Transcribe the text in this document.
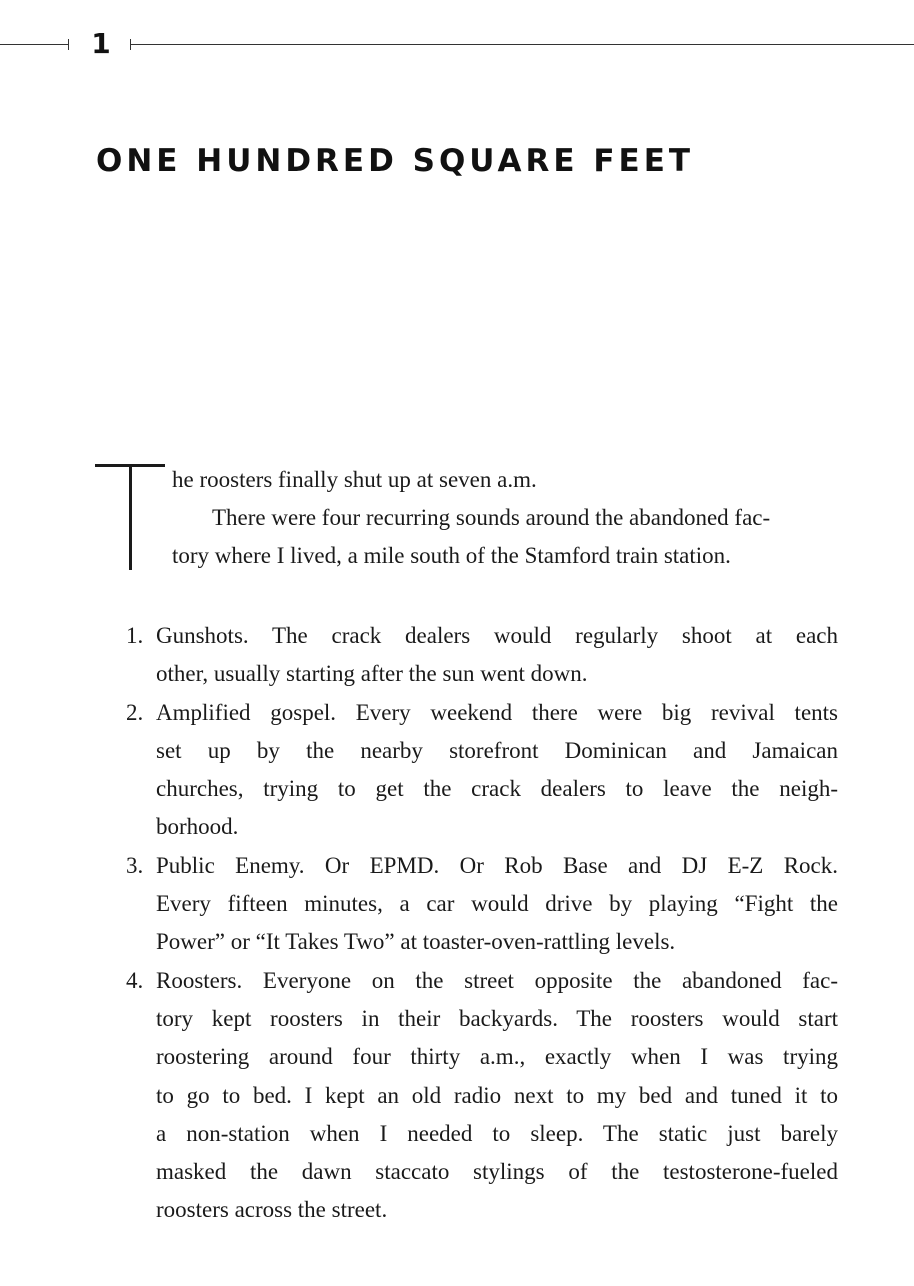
1
ONE HUNDRED SQUARE FEET

he roosters finally shut up at seven a.m.

There were four recurring sounds around the abandoned fac-

tory where I lived, a mile south of the Stamford train station.

1. Gunshots. The crack dealers would regularly shoot at each
other, usually starting after the sun went down.
2. Amplified gospel. Every weekend there were big revival tents
set up by the nearby storefront Dominican and Jamaican
churches, trying to get the crack dealers to leave the neigh-
borhood.
3. Public Enemy. Or EPMD. Or Rob Base and DJ E-Z Rock.
Every fifteen minutes, a car would drive by playing “Fight the
Power” or “It Takes Two” at toaster-oven-rattling levels.
4. Roosters. Everyone on the street opposite the abandoned fac-
tory kept roosters in their backyards. The roosters would start
roostering around four thirty a.m., exactly when I was trying
to go to bed. I kept an old radio next to my bed and tuned it to
a non-station when I needed to sleep. The static just barely
masked the dawn staccato stylings of the testosterone-fueled
roosters across the street.
